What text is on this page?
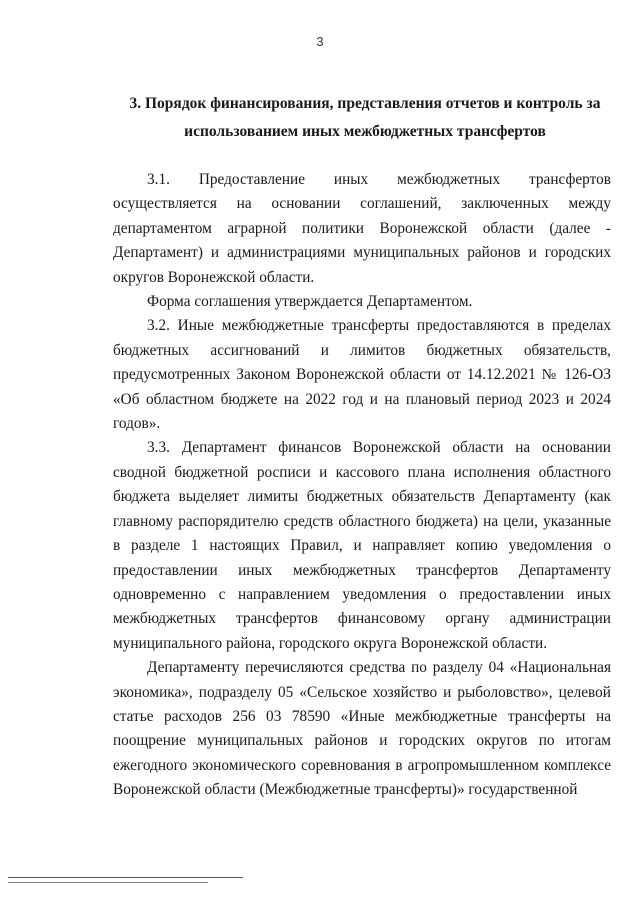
3
3. Порядок финансирования, представления отчетов и контроль за
использованием иных межбюджетных трансфертов

3.1. Предоставление иных межбюджетных трансфертов осуществляется на основании соглашений, заключенных между департаментом аграрной политики Воронежской области (далее - Департамент) и администрациями муниципальных районов и городских округов Воронежской области.

Форма соглашения утверждается Департаментом.

3.2. Иные межбюджетные трансферты предоставляются в пределах бюджетных ассигнований и лимитов бюджетных обязательств, предусмотренных Законом Воронежской области от 14.12.2021 № 126-ОЗ «Об областном бюджете на 2022 год и на плановый период 2023 и 2024 годов».

3.3. Департамент финансов Воронежской области на основании сводной бюджетной росписи и кассового плана исполнения областного бюджета выделяет лимиты бюджетных обязательств Департаменту (как главному распорядителю средств областного бюджета) на цели, указанные в разделе 1 настоящих Правил, и направляет копию уведомления о предоставлении иных межбюджетных трансфертов Департаменту одновременно с направлением уведомления о предоставлении иных межбюджетных трансфертов финансовому органу администрации муниципального района, городского округа Воронежской области.

Департаменту перечисляются средства по разделу 04 «Национальная экономика», подразделу 05 «Сельское хозяйство и рыболовство», целевой статье расходов 256 03 78590 «Иные межбюджетные трансферты на поощрение муниципальных районов и городских округов по итогам ежегодного экономического соревнования в агропромышленном комплексе Воронежской области (Межбюджетные трансферты)» государственной
